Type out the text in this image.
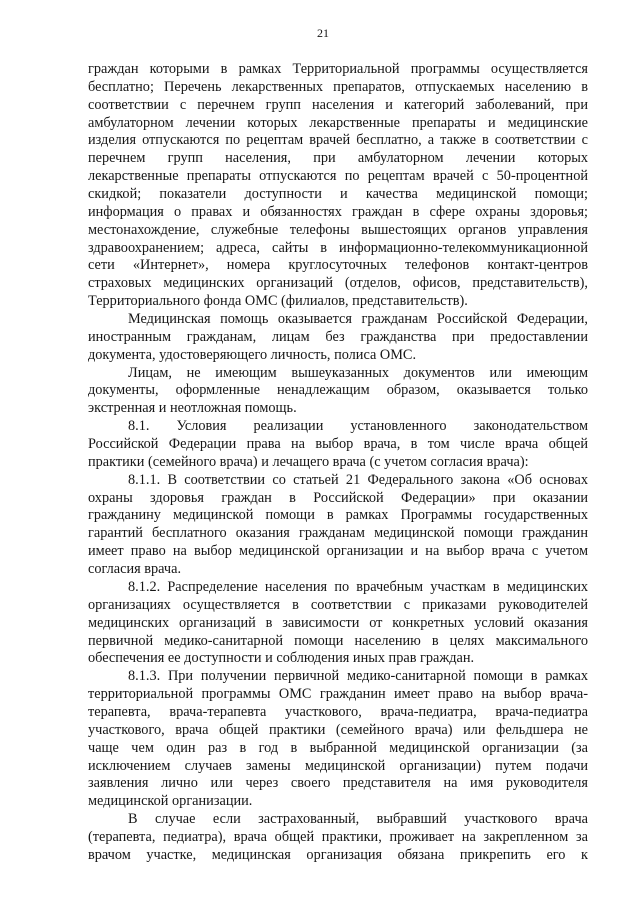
21
граждан которыми в рамках Территориальной программы осуществляется
бесплатно; Перечень лекарственных препаратов, отпускаемых населению в
соответствии с перечнем групп населения и категорий заболеваний, при
амбулаторном лечении которых лекарственные препараты и медицинские
изделия отпускаются по рецептам врачей бесплатно, а также в соответствии с
перечнем групп населения, при амбулаторном лечении которых
лекарственные препараты отпускаются по рецептам врачей с 50-процентной
скидкой; показатели доступности и качества медицинской помощи;
информация о правах и обязанностях граждан в сфере охраны здоровья;
местонахождение, служебные телефоны вышестоящих органов управления
здравоохранением; адреса, сайты в информационно-телекоммуникационной
сети «Интернет», номера круглосуточных телефонов контакт-центров
страховых медицинских организаций (отделов, офисов, представительств),
Территориального фонда ОМС (филиалов, представительств).
Медицинская помощь оказывается гражданам Российской Федерации,
иностранным гражданам, лицам без гражданства при предоставлении
документа, удостоверяющего личность, полиса ОМС.
Лицам, не имеющим вышеуказанных документов или имеющим
документы, оформленные ненадлежащим образом, оказывается только
экстренная и неотложная помощь.
8.1. Условия реализации установленного законодательством
Российской Федерации права на выбор врача, в том числе врача общей
практики (семейного врача) и лечащего врача (с учетом согласия врача):
8.1.1. В соответствии со статьей 21 Федерального закона «Об основах
охраны здоровья граждан в Российской Федерации» при оказании
гражданину медицинской помощи в рамках Программы государственных
гарантий бесплатного оказания гражданам медицинской помощи гражданин
имеет право на выбор медицинской организации и на выбор врача с учетом
согласия врача.
8.1.2. Распределение населения по врачебным участкам в медицинских
организациях осуществляется в соответствии с приказами руководителей
медицинских организаций в зависимости от конкретных условий оказания
первичной медико-санитарной помощи населению в целях максимального
обеспечения ее доступности и соблюдения иных прав граждан.
8.1.3. При получении первичной медико-санитарной помощи в рамках
территориальной программы ОМС гражданин имеет право на выбор врача-
терапевта, врача-терапевта участкового, врача-педиатра, врача-педиатра
участкового, врача общей практики (семейного врача) или фельдшера не
чаще чем один раз в год в выбранной медицинской организации (за
исключением случаев замены медицинской организации) путем подачи
заявления лично или через своего представителя на имя руководителя
медицинской организации.
В случае если застрахованный, выбравший участкового врача
(терапевта, педиатра), врача общей практики, проживает на закрепленном за
врачом участке, медицинская организация обязана прикрепить его к
